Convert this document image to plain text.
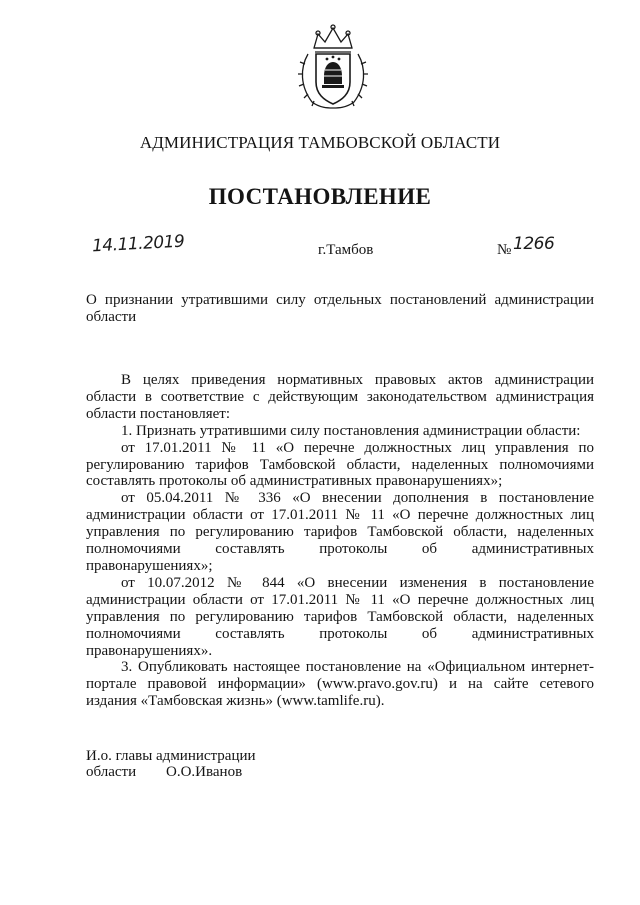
АДМИНИСТРАЦИЯ ТАМБОВСКОЙ ОБЛАСТИ
ПОСТАНОВЛЕНИЕ
14.11.2019	г.Тамбов	№ 1266
О признании утратившими силу отдельных постановлений администрации области

В целях приведения нормативных правовых актов администрации области в соответствие с действующим законодательством администрация области постановляет:

1. Признать утратившими силу постановления администрации области:

от 17.01.2011 № 11 «О перечне должностных лиц управления по регулированию тарифов Тамбовской области, наделенных полномочиями составлять протоколы об административных правонарушениях»;

от 05.04.2011 № 336 «О внесении дополнения в постановление администрации области от 17.01.2011 № 11 «О перечне должностных лиц управления по регулированию тарифов Тамбовской области, наделенных полномочиями составлять протоколы об административных правонарушениях»;

от 10.07.2012 № 844 «О внесении изменения в постановление администрации области от 17.01.2011 № 11 «О перечне должностных лиц управления по регулированию тарифов Тамбовской области, наделенных полномочиями составлять протоколы об административных правонарушениях».

3. Опубликовать настоящее постановление на «Официальном интернет-портале правовой информации» (www.pravo.gov.ru) и на сайте сетевого издания «Тамбовская жизнь» (www.tamlife.ru).

И.о. главы администрации
области	О.О.Иванов
